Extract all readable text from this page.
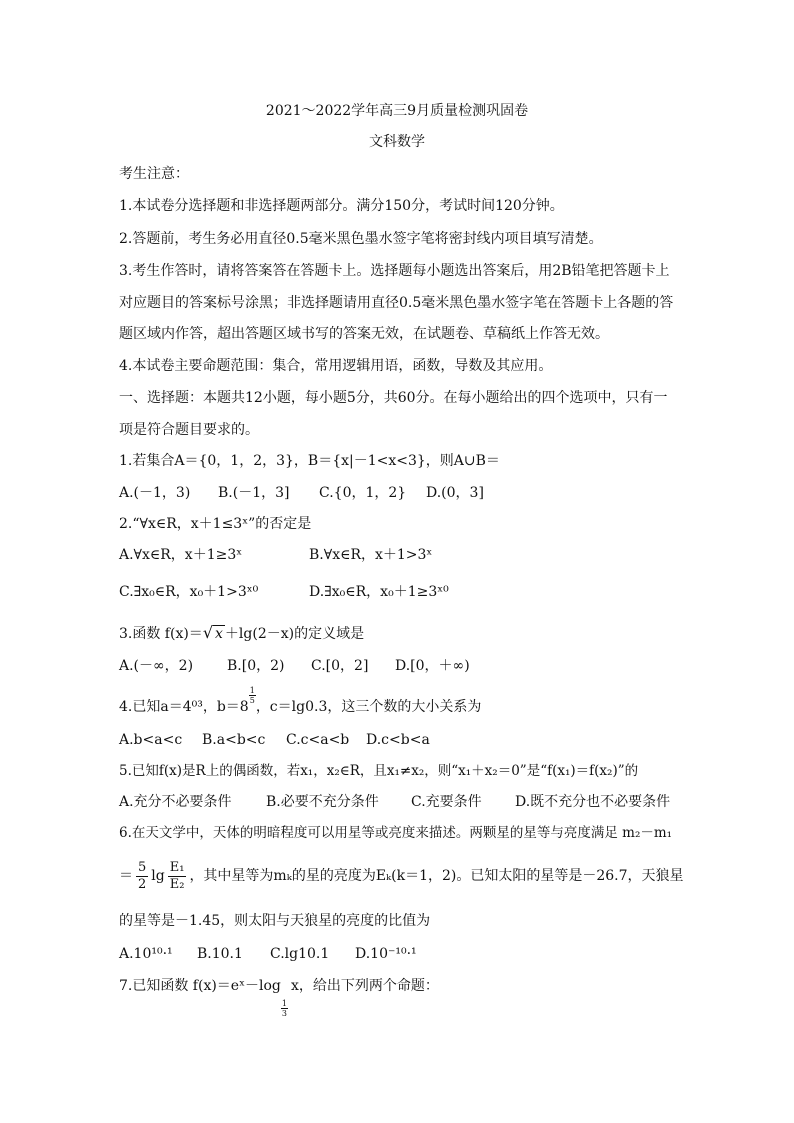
2021～2022学年高三9月质量检测巩固卷
文科数学
考生注意：
1.本试卷分选择题和非选择题两部分。满分150分，考试时间120分钟。
2.答题前，考生务必用直径0.5毫米黑色墨水签字笔将密封线内项目填写清楚。
3.考生作答时，请将答案答在答题卡上。选择题每小题选出答案后，用2B铅笔把答题卡上
对应题目的答案标号涂黑；非选择题请用直径0.5毫米黑色墨水签字笔在答题卡上各题的答
题区域内作答，超出答题区域书写的答案无效，在试题卷、草稿纸上作答无效。
4.本试卷主要命题范围：集合，常用逻辑用语，函数，导数及其应用。
一、选择题：本题共12小题，每小题5分，共60分。在每小题给出的四个选项中，只有一
项是符合题目要求的。
1.若集合A＝{0，1，2，3}，B＝{x|－1<x<3}，则A∪B＝
A.(－1，3)	B.(－1，3]	C.{0，1，2}	D.(0，3]
2.“∀x∈R，x＋1≤3ˣ”的否定是
A.∀x∈R，x＋1≥3ˣ	B.∀x∈R，x＋1>3ˣ
C.∃x₀∈R，x₀＋1>3ˣ⁰	D.∃x₀∈R，x₀＋1≥3ˣ⁰
3.函数 f(x)＝√ x ＋lg(2－x)的定义域是
A.(－∞，2)	B.[0，2)	C.[0，2]	D.[0，＋∞)
4.已知a＝4⁰³，b＝8
$\frac{1}{5}$
，c＝lg0.3，这三个数的大小关系为
A.b<a<c	B.a<b<c	C.c<a<b	D.c<b<a
5.已知f(x)是R上的偶函数，若x₁，x₂∈R，且x₁≠x₂，则“x₁＋x₂＝0”是“f(x₁)＝f(x₂)”的
A.充分不必要条件	B.必要不充分条件	C.充要条件	D.既不充分也不必要条件
6.在天文学中，天体的明暗程度可以用星等或亮度来描述。两颗星的星等与亮度满足 m₂－m₁
＝ $\frac{5}{2}$ $\lg \frac{\text{E₁}}{\text{E₂}}$ ，其中星等为mₖ的星的亮度为Eₖ(k＝1，2)。已知太阳的星等是－26.7，天狼星
的星等是－1.45，则太阳与天狼星的亮度的比值为
A.10¹⁰·¹	B.10.1	C.lg10.1	D.10⁻¹⁰·¹
7.已知函数 f(x)＝eˣ－log
$\frac{1}{3}$
x，给出下列两个命题：
